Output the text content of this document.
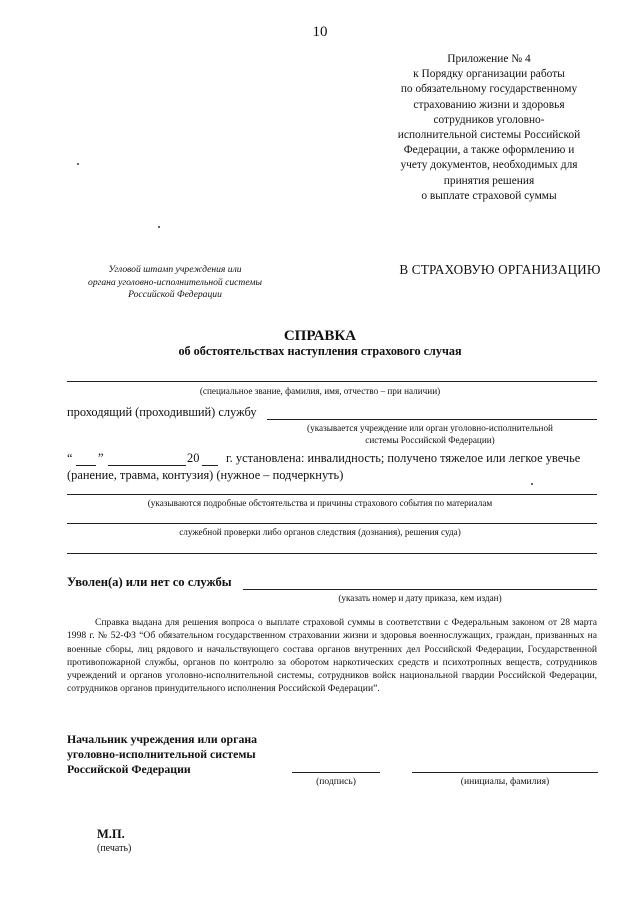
10
Приложение № 4
к Порядку организации работы
по обязательному государственному
страхованию жизни и здоровья
сотрудников уголовно-
исполнительной системы Российской
Федерации, а также оформлению и
учету документов, необходимых для
принятия решения
о выплате страховой суммы
Угловой штамп учреждения или
органа уголовно-исполнительной системы
Российской Федерации
В СТРАХОВУЮ ОРГАНИЗАЦИЮ
СПРАВКА
об обстоятельствах наступления страхового случая
(специальное звание, фамилия, имя, отчество – при наличии)
проходящий (проходивший) службу
(указывается учреждение или орган уголовно-исполнительной
системы Российской Федерации)
“ ”	20 г. установлена: инвалидность; получено тяжелое или легкое увечье
(ранение, травма, контузия) (нужное – подчеркнуть)
(указываются подробные обстоятельства и причины страхового события по материалам
служебной проверки либо органов следствия (дознания), решения суда)
Уволен(а) или нет со службы
(указать номер и дату приказа, кем издан)

Справка выдана для решения вопроса о выплате страховой суммы в соответствии с Федеральным законом от 28 марта 1998 г. № 52-ФЗ “Об обязательном государственном страховании жизни и здоровья военнослужащих, граждан, призванных на военные сборы, лиц рядового и начальствующего состава органов внутренних дел Российской Федерации, Государственной противопожарной службы, органов по контролю за оборотом наркотических средств и психотропных веществ, сотрудников учреждений и органов уголовно-исполнительной системы, сотрудников войск национальной гвардии Российской Федерации, сотрудников органов принудительного исполнения Российской Федерации”.

Начальник учреждения или органа
уголовно-исполнительной системы
Российской Федерации
(подпись)	(инициалы, фамилия)
М.П.
(печать)
